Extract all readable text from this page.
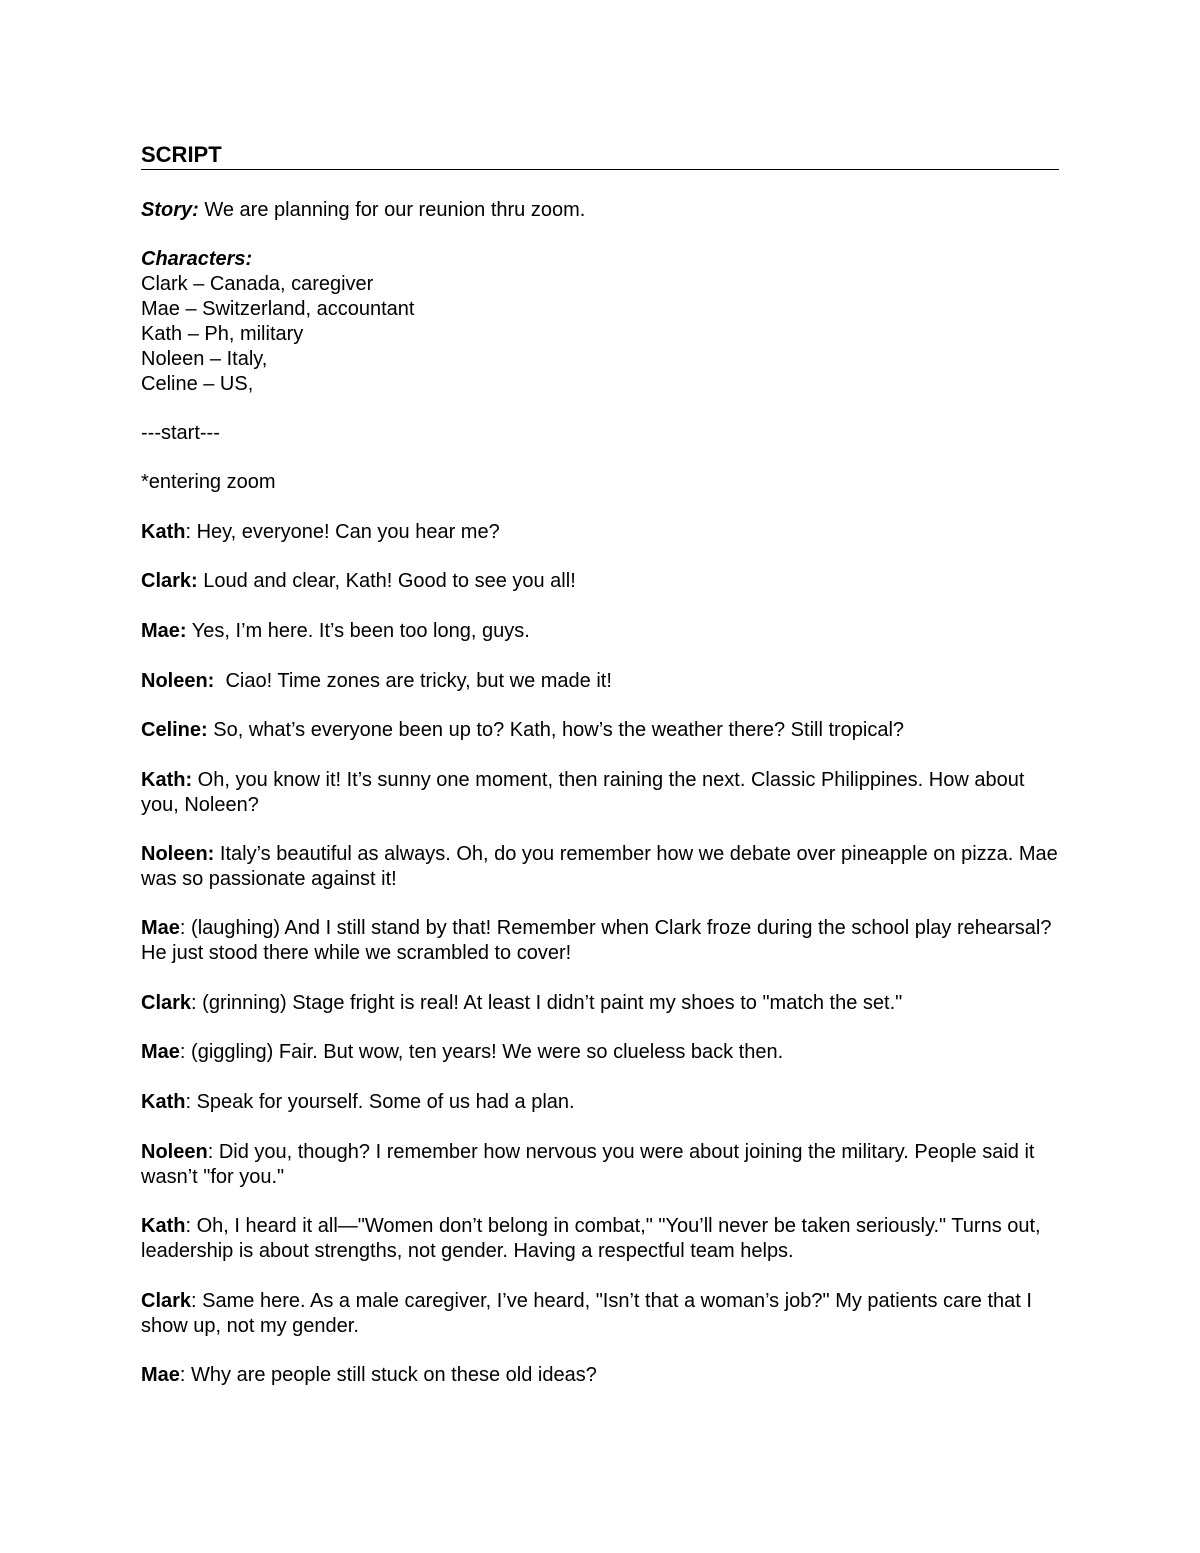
SCRIPT

Story: We are planning for our reunion thru zoom.

Characters:
Clark – Canada, caregiver
Mae – Switzerland, accountant
Kath – Ph, military
Noleen – Italy,
Celine – US,

---start---

*entering zoom

Kath: Hey, everyone! Can you hear me?

Clark: Loud and clear, Kath! Good to see you all!

Mae: Yes, I’m here. It’s been too long, guys.

Noleen: Ciao! Time zones are tricky, but we made it!

Celine: So, what’s everyone been up to? Kath, how’s the weather there? Still tropical?

Kath: Oh, you know it! It’s sunny one moment, then raining the next. Classic Philippines. How about you, Noleen?

Noleen: Italy’s beautiful as always. Oh, do you remember how we debate over pineapple on pizza. Mae was so passionate against it!

Mae: (laughing) And I still stand by that! Remember when Clark froze during the school play rehearsal? He just stood there while we scrambled to cover!

Clark: (grinning) Stage fright is real! At least I didn’t paint my shoes to "match the set."

Mae: (giggling) Fair. But wow, ten years! We were so clueless back then.

Kath: Speak for yourself. Some of us had a plan.

Noleen: Did you, though? I remember how nervous you were about joining the military. People said it wasn’t "for you."

Kath: Oh, I heard it all—"Women don’t belong in combat," "You’ll never be taken seriously." Turns out, leadership is about strengths, not gender. Having a respectful team helps.

Clark: Same here. As a male caregiver, I’ve heard, "Isn’t that a woman’s job?" My patients care that I show up, not my gender.

Mae: Why are people still stuck on these old ideas?
